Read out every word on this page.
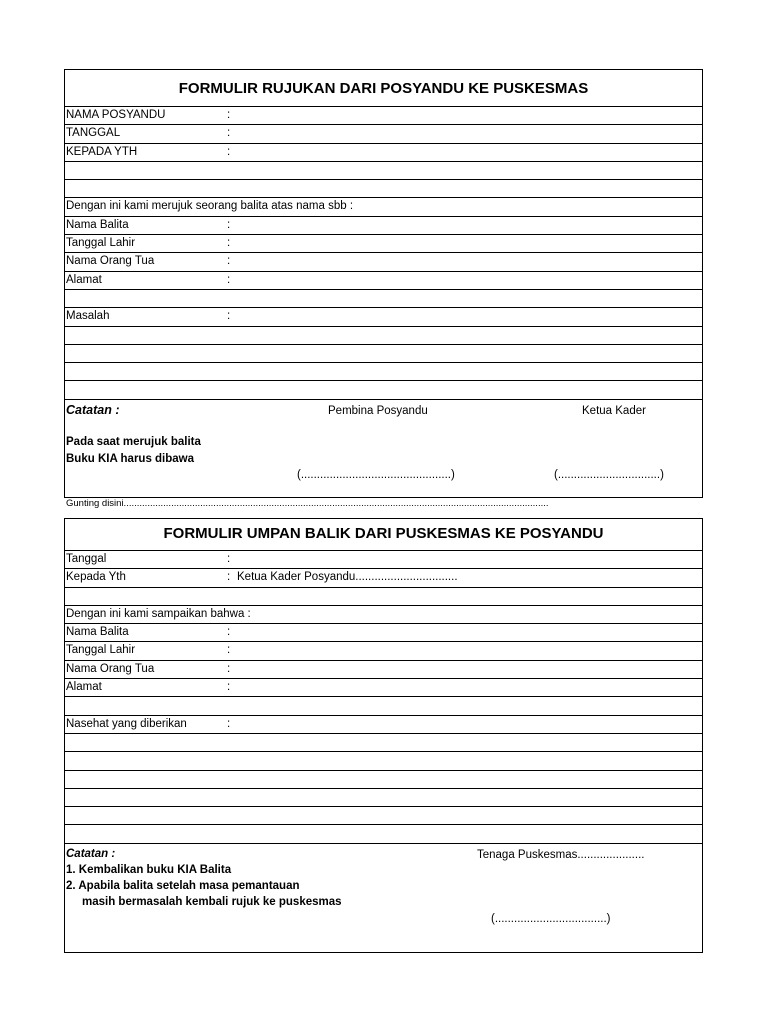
FORMULIR RUJUKAN DARI POSYANDU KE PUSKESMAS
NAMA POSYANDU	:
TANGGAL	:
KEPADA YTH	:
Dengan ini kami merujuk seorang balita atas nama sbb :
Nama Balita	:
Tanggal Lahir	:
Nama Orang Tua	:
Alamat	:
Masalah	:
Catatan :	Pembina Posyandu	Ketua Kader
Pada saat merujuk balita
Buku KIA harus dibawa
(...............................................)	(................................)
Gunting disini.................................................................................................................................................................
FORMULIR UMPAN BALIK DARI PUSKESMAS KE POSYANDU
Tanggal	:
Kepada Yth	: Ketua Kader Posyandu................................
Dengan ini kami sampaikan bahwa :
Nama Balita	:
Tanggal Lahir	:
Nama Orang Tua	:
Alamat	:
Nasehat yang diberikan	:
Catatan :	Tenaga Puskesmas.....................
1. Kembalikan buku KIA Balita
2. Apabila balita setelah masa pemantauan
masih bermasalah kembali rujuk ke puskesmas
(...................................)
